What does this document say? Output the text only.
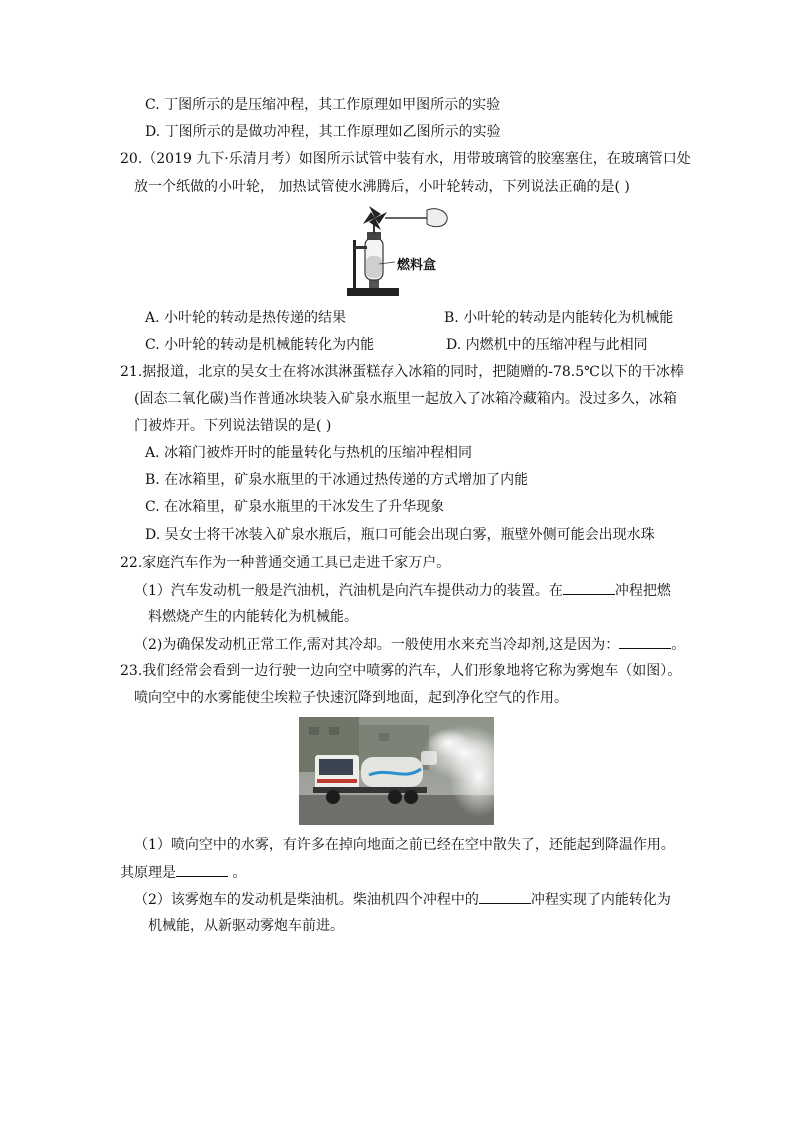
C. 丁图所示的是压缩冲程，其工作原理如甲图所示的实验
D. 丁图所示的是做功冲程，其工作原理如乙图所示的实验
20.（2019 九下·乐清月考）如图所示试管中装有水，用带玻璃管的胶塞塞住，在玻璃管口处
放一个纸做的小叶轮， 加热试管使水沸腾后，小叶轮转动，下列说法正确的是( )
燃料盒
A. 小叶轮的转动是热传递的结果	B. 小叶轮的转动是内能转化为机械能
C. 小叶轮的转动是机械能转化为内能	D. 内燃机中的压缩冲程与此相同
21.据报道，北京的吴女士在将冰淇淋蛋糕存入冰箱的同时，把随赠的-78.5℃以下的干冰棒
(固态二氧化碳)当作普通冰块装入矿泉水瓶里一起放入了冰箱冷藏箱内。没过多久，冰箱
门被炸开。下列说法错误的是( )
A. 冰箱门被炸开时的能量转化与热机的压缩冲程相同
B. 在冰箱里，矿泉水瓶里的干冰通过热传递的方式增加了内能
C. 在冰箱里，矿泉水瓶里的干冰发生了升华现象
D. 吴女士将干冰装入矿泉水瓶后，瓶口可能会出现白雾，瓶壁外侧可能会出现水珠
22.家庭汽车作为一种普通交通工具已走进千家万户。
（1）汽车发动机一般是汽油机，汽油机是向汽车提供动力的装置。在	冲程把燃
料燃烧产生的内能转化为机械能。
（2)为确保发动机正常工作,需对其冷却。一般使用水来充当冷却剂,这是因为：	。
23.我们经常会看到一边行驶一边向空中喷雾的汽车，人们形象地将它称为雾炮车（如图）。
喷向空中的水雾能使尘埃粒子快速沉降到地面，起到净化空气的作用。
（1）喷向空中的水雾，有许多在掉向地面之前已经在空中散失了，还能起到降温作用。
其原理是	。
（2）该雾炮车的发动机是柴油机。柴油机四个冲程中的	冲程实现了内能转化为
机械能，从新驱动雾炮车前进。
